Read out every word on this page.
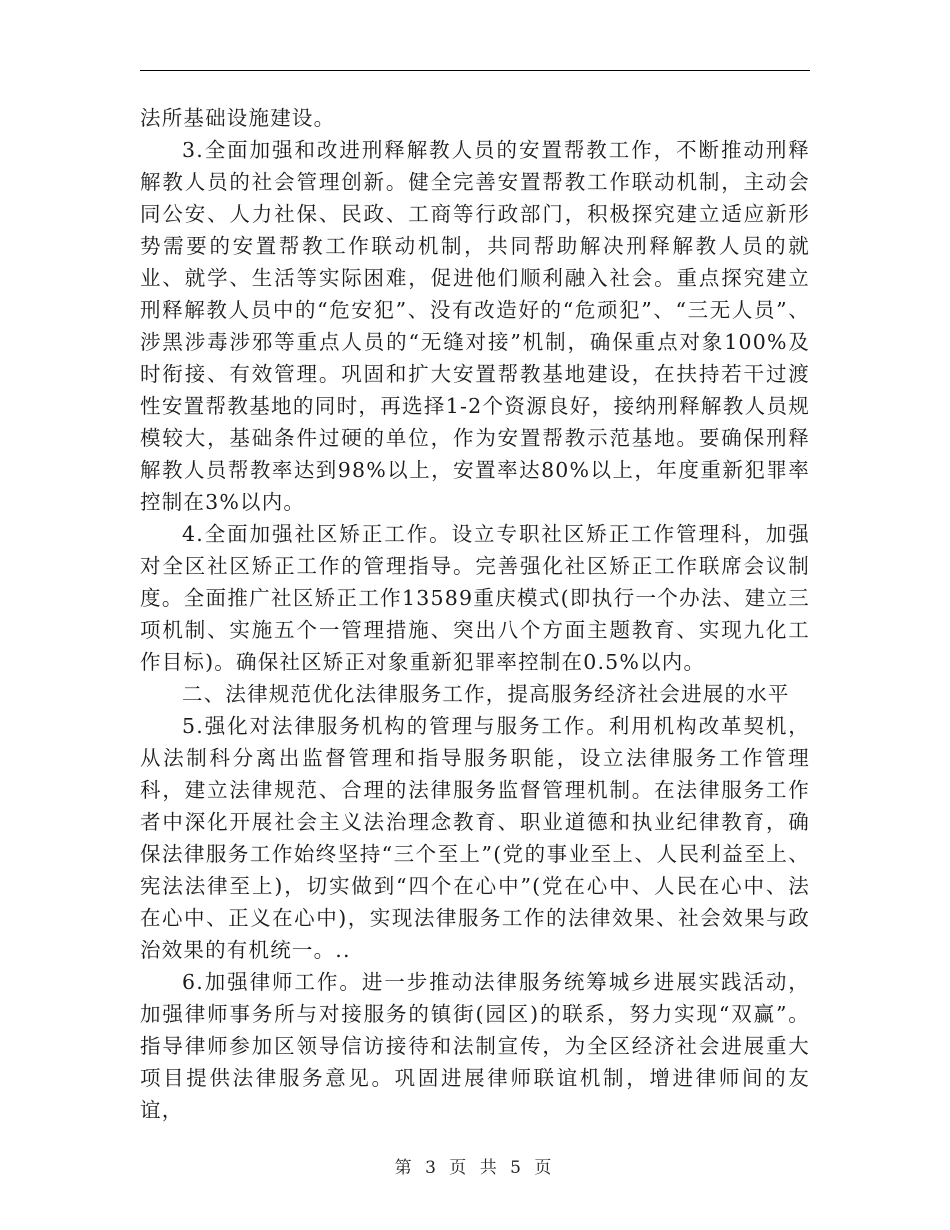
法所基础设施建设。

3.全面加强和改进刑释解教人员的安置帮教工作，不断推动刑释解教人员的社会管理创新。健全完善安置帮教工作联动机制，主动会同公安、人力社保、民政、工商等行政部门，积极探究建立适应新形势需要的安置帮教工作联动机制，共同帮助解决刑释解教人员的就业、就学、生活等实际困难，促进他们顺利融入社会。重点探究建立刑释解教人员中的“危安犯”、没有改造好的“危顽犯”、“三无人员”、涉黑涉毒涉邪等重点人员的“无缝对接”机制，确保重点对象100%及时衔接、有效管理。巩固和扩大安置帮教基地建设，在扶持若干过渡性安置帮教基地的同时，再选择1-2个资源良好，接纳刑释解教人员规模较大，基础条件过硬的单位，作为安置帮教示范基地。要确保刑释解教人员帮教率达到98%以上，安置率达80%以上，年度重新犯罪率控制在3%以内。

4.全面加强社区矫正工作。设立专职社区矫正工作管理科，加强对全区社区矫正工作的管理指导。完善强化社区矫正工作联席会议制度。全面推广社区矫正工作13589重庆模式(即执行一个办法、建立三项机制、实施五个一管理措施、突出八个方面主题教育、实现九化工作目标)。确保社区矫正对象重新犯罪率控制在0.5%以内。

二、法律规范优化法律服务工作，提高服务经济社会进展的水平

5.强化对法律服务机构的管理与服务工作。利用机构改革契机，从法制科分离出监督管理和指导服务职能，设立法律服务工作管理科，建立法律规范、合理的法律服务监督管理机制。在法律服务工作者中深化开展社会主义法治理念教育、职业道德和执业纪律教育，确保法律服务工作始终坚持“三个至上”(党的事业至上、人民利益至上、宪法法律至上)，切实做到“四个在心中”(党在心中、人民在心中、法在心中、正义在心中)，实现法律服务工作的法律效果、社会效果与政治效果的有机统一。..

6.加强律师工作。进一步推动法律服务统筹城乡进展实践活动，加强律师事务所与对接服务的镇街(园区)的联系，努力实现“双赢”。指导律师参加区领导信访接待和法制宣传，为全区经济社会进展重大项目提供法律服务意见。巩固进展律师联谊机制，增进律师间的友谊，

第 3 页 共 5 页
